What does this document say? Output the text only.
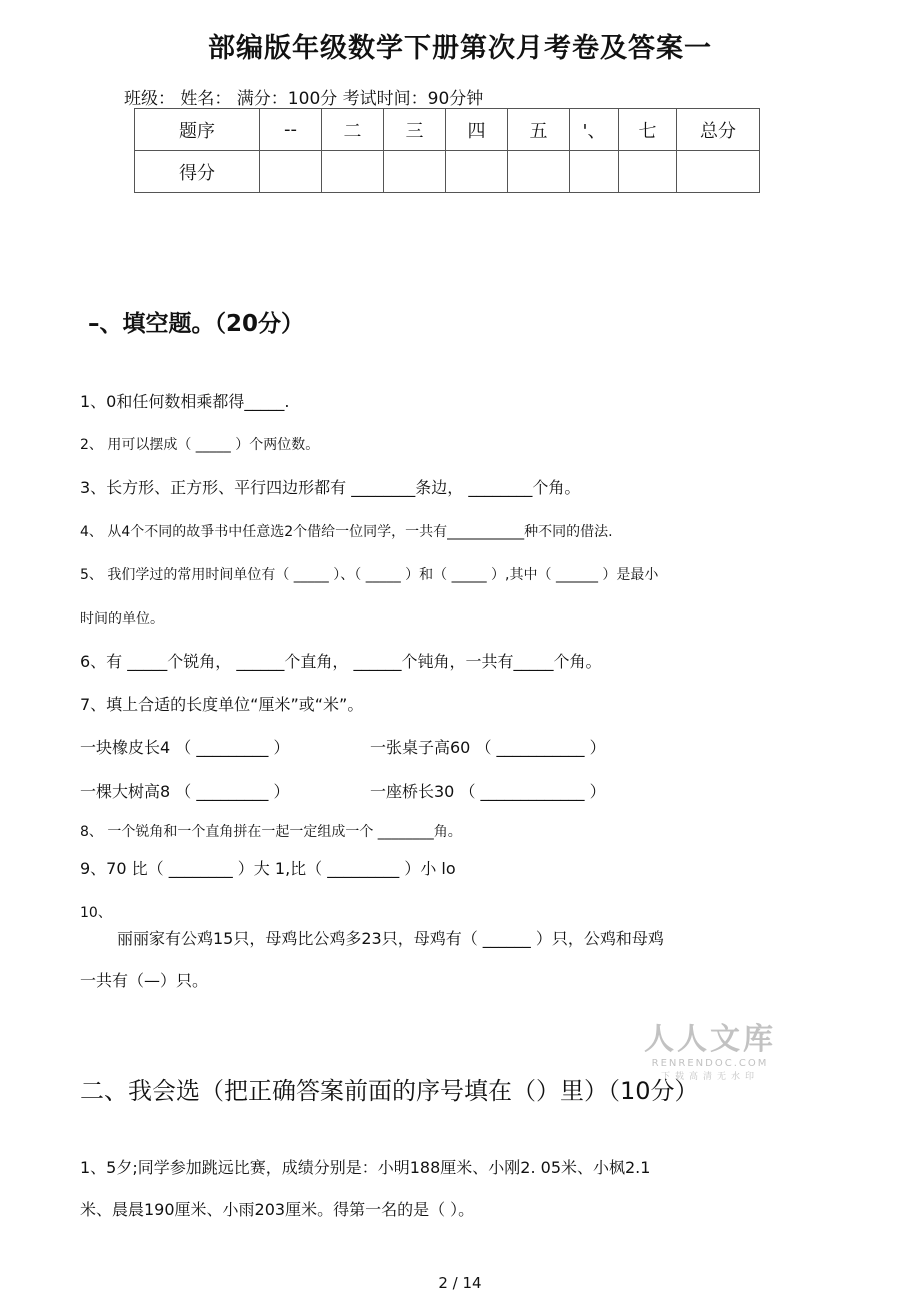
部编版年级数学下册第次月考卷及答案一
班级： 姓名： 满分：100分 考试时间：90分钟
题序	--	二	三	四	五	'、	七	总分
得分								
–、填空题。（20分）
1、0和任何数相乘都得_____.
2、 用可以摆成（ _____ ）个两位数。
3、长方形、正方形、平行四边形都有 ________条边， ________个角。
4、 从4个不同的故爭书中任意选2个借给一位同学，一共有___________种不同的借法.
5、 我们学过的常用时间单位有（ _____ ）、（ _____ ）和（ _____ ）,其中（ ______ ）是最小
时间的单位。
6、有 _____个锐角， ______个直角， ______个钝角，一共有_____个角。
7、填上合适的长度单位“厘米”或“米”。
一块橡皮长4 （ _________ ）	一张桌子高60 （ ___________ ）
一棵大树高8 （ _________ ）	一座桥长30 （ _____________ ）
8、 一个锐角和一个直角拼在一起一定组成一个 ________角。
9、70 比（ ________ ）大 1,比（ _________ ）小 lo
10、
丽丽家有公鸡15只，母鸡比公鸡多23只，母鸡有（ ______ ）只，公鸡和母鸡
一共有（—）只。
人人文库
RENRENDOC.COM
下载高清无水印
二、我会选（把正确答案前面的序号填在（）里）（10分）
1、5夕;同学参加跳远比赛，成绩分别是：小明188厘米、小刚2. 05米、小枫2.1
米、晨晨190厘米、小雨203厘米。得第一名的是（ ）。
2 / 14
